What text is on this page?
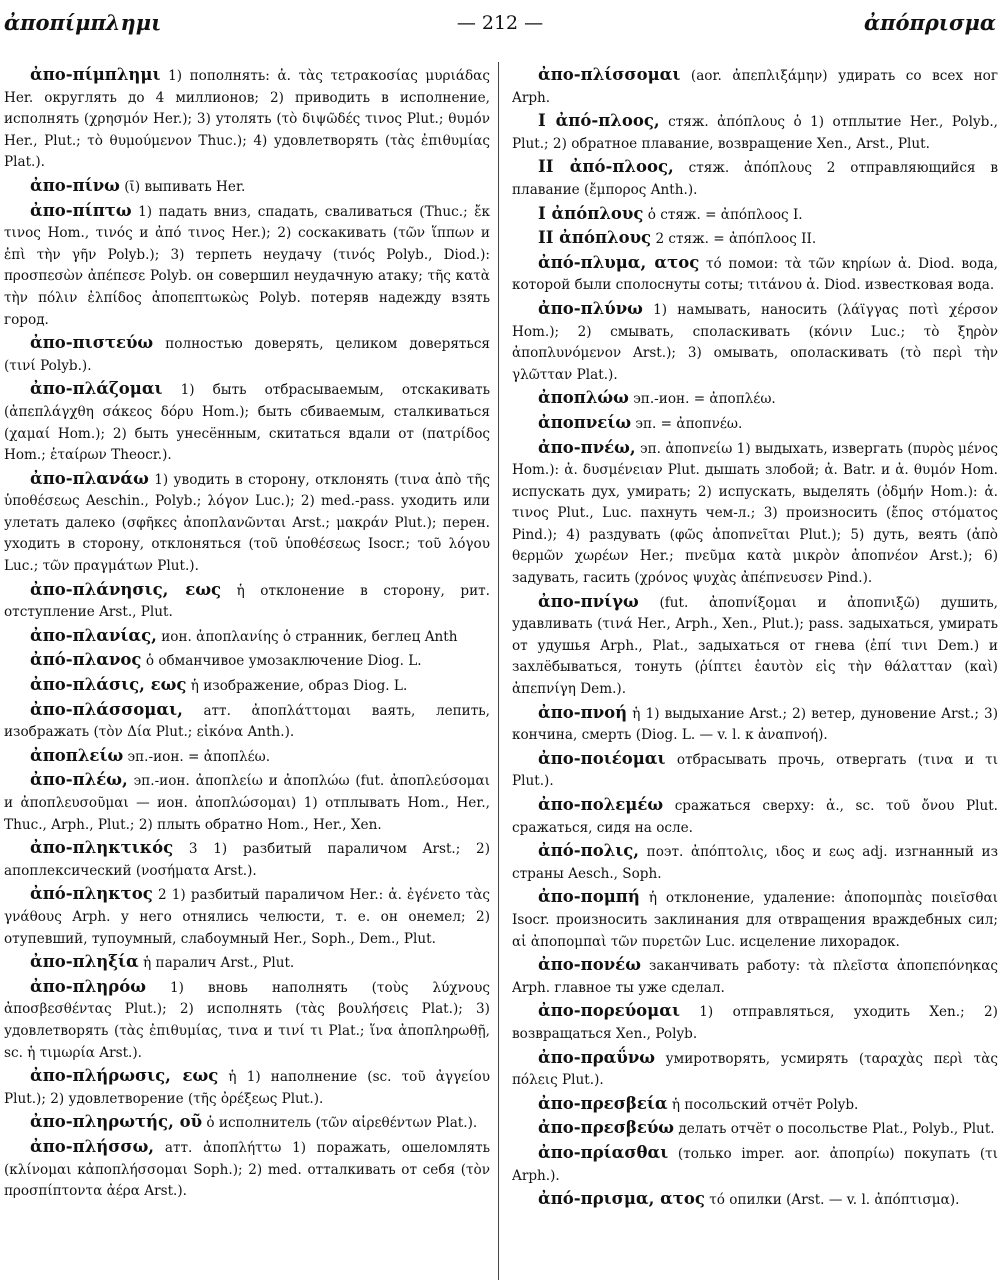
ἀποπίμπλημι	— 212 —	ἀπόπρισμα

ἀπο-πίμπλημι 1) пополнять: ἀ. τὰς τετρακοσίας μυριάδας Her. округлять до 4 миллионов; 2) приводить в исполнение, исполнять (χρησμόν Her.); 3) утолять (τὸ διψῶδές τινος Plut.; θυμόν Her., Plut.; τὸ θυμούμενον Thuc.); 4) удовлетворять (τὰς ἐπιθυμίας Plat.).

ἀπο-πίνω (ῑ) выпивать Her.

ἀπο-πίπτω 1) падать вниз, спадать, сваливаться (Thuc.; ἔκ τινος Hom., τινός и ἀπό τινος Her.); 2) соскакивать (τῶν ἵππων и ἐπὶ τὴν γῆν Polyb.); 3) терпеть неудачу (τινός Polyb., Diod.): προσπεσὼν ἀπέπεσε Polyb. он совершил неудачную атаку; τῆς κατὰ τὴν πόλιν ἐλπίδος ἀποπεπτωκὼς Polyb. потеряв надежду взять город.

ἀπο-πιστεύω полностью доверять, целиком доверяться (τινί Polyb.).

ἀπο-πλάζομαι 1) быть отбрасываемым, отскакивать (ἀπεπλάγχθη σάκεος δόρυ Hom.); быть сбиваемым, сталкиваться (χαμαί Hom.); 2) быть унесённым, скитаться вдали от (πατρίδος Hom.; ἑταίρων Theocr.).

ἀπο-πλανάω 1) уводить в сторону, отклонять (τινα ἀπὸ τῆς ὑποθέσεως Aeschin., Polyb.; λόγον Luc.); 2) med.-pass. уходить или улетать далеко (σφῆκες ἀποπλανῶνται Arst.; μακράν Plut.); перен. уходить в сторону, отклоняться (τοῦ ὑποθέσεως Isocr.; τοῦ λόγου Luc.; τῶν πραγμάτων Plut.).

ἀπο-πλάνησις, εως ἡ отклонение в сторону, рит. отступление Arst., Plut.

ἀπο-πλανίας, ион. ἀποπλανίης ὁ странник, беглец Anth

ἀπό-πλανος ὁ обманчивое умозаключение Diog. L.

ἀπο-πλάσις, εως ἡ изображение, образ Diog. L.

ἀπο-πλάσσομαι, атт. ἀποπλάττομαι ваять, лепить, изображать (τὸν Δία Plut.; εἰκόνα Anth.).

ἀποπλείω эп.-ион. = ἀποπλέω.

ἀπο-πλέω, эп.-ион. ἀποπλείω и ἀποπλώω (fut. ἀποπλεύσομαι и ἀποπλευσοῦμαι — ион. ἀποπλώσομαι) 1) отплывать Hom., Her., Thuc., Arph., Plut.; 2) плыть обратно Hom., Her., Xen.

ἀπο-πληκτικός 3 1) разбитый параличом Arst.; 2) апоплексический (νοσήματα Arst.).

ἀπό-πληκτος 2 1) разбитый параличом Her.: ἀ. ἐγένετο τὰς γνάθους Arph. у него отнялись челюсти, т. е. он онемел; 2) отупевший, тупоумный, слабоумный Her., Soph., Dem., Plut.

ἀπο-πληξία ἡ паралич Arst., Plut.

ἀπο-πληρόω 1) вновь наполнять (τοὺς λύχνους ἀποσβεσθέντας Plut.); 2) исполнять (τὰς βουλήσεις Plat.); 3) удовлетворять (τὰς ἐπιθυμίας, τινα и τινί τι Plat.; ἵνα ἀποπληρωθῇ, sc. ἡ τιμωρία Arst.).

ἀπο-πλήρωσις, εως ἡ 1) наполнение (sc. τοῦ ἀγγείου Plut.); 2) удовлетворение (τῆς ὀρέξεως Plut.).

ἀπο-πληρωτής, οῦ ὁ исполнитель (τῶν αἱρεθέντων Plat.).

ἀπο-πλήσσω, атт. ἀποπλήττω 1) поражать, ошеломлять (κλίνομαι κἀποπλήσσομαι Soph.); 2) med. отталкивать от себя (τὸν προσπίπτοντα ἀέρα Arst.).

ἀπο-πλίσσομαι (aor. ἀπεπλιξάμην) удирать со всех ног Arph.

I ἀπό-πλοος, стяж. ἀπόπλους ὁ 1) отплытие Her., Polyb., Plut.; 2) обратное плавание, возвращение Xen., Arst., Plut.

II ἀπό-πλοος, стяж. ἀπόπλους 2 отправляющийся в плавание (ἔμπορος Anth.).

I ἀπόπλους ὁ стяж. = ἀπόπλοος I.

II ἀπόπλους 2 стяж. = ἀπόπλοος II.

ἀπό-πλυμα, ατος τό помои: τὰ τῶν κηρίων ἀ. Diod. вода, которой были сполоснуты соты; τιτάνου ἀ. Diod. известковая вода.

ἀπο-πλύνω 1) намывать, наносить (λάϊγγας ποτὶ χέρσον Hom.); 2) смывать, споласкивать (κόνιν Luc.; τὸ ξηρὸν ἀποπλυνόμενον Arst.); 3) омывать, ополаскивать (τὸ περὶ τὴν γλῶτταν Plat.).

ἀποπλώω эп.-ион. = ἀποπλέω.

ἀποπνείω эп. = ἀποπνέω.

ἀπο-πνέω, эп. ἀποπνείω 1) выдыхать, извергать (πυρὸς μένος Hom.): ἀ. δυσμένειαν Plut. дышать злобой; ἀ. Batr. и ἀ. θυμόν Hom. испускать дух, умирать; 2) испускать, выделять (ὀδμήν Hom.): ἀ. τινος Plut., Luc. пахнуть чем-л.; 3) произносить (ἔπος στόματος Pind.); 4) раздувать (φῶς ἀποπνεῖται Plut.); 5) дуть, веять (ἀπὸ θερμῶν χωρέων Her.; πνεῦμα κατὰ μικρὸν ἀποπνέον Arst.); 6) задувать, гасить (χρόνος ψυχὰς ἀπέπνευσεν Pind.).

ἀπο-πνίγω (fut. ἀποπνίξομαι и ἀποπνιξῶ) душить, удавливать (τινά Her., Arph., Xen., Plut.); pass. задыхаться, умирать от удушья Arph., Plat., задыхаться от гнева (ἐπί τινι Dem.) и захлёбываться, тонуть (ῥίπτει ἑαυτὸν εἰς τὴν θάλατταν (καὶ) ἀπεπνίγη Dem.).

ἀπο-πνοή ἡ 1) выдыхание Arst.; 2) ветер, дуновение Arst.; 3) кончина, смерть (Diog. L. — v. l. к ἀναπνοή).

ἀπο-ποιέομαι отбрасывать прочь, отвергать (τινα и τι Plut.).

ἀπο-πολεμέω сражаться сверху: ἀ., sc. τοῦ ὄνου Plut. сражаться, сидя на осле.

ἀπό-πολις, поэт. ἀπόπτολις, ιδος и εως adj. изгнанный из страны Aesch., Soph.

ἀπο-πομπή ἡ отклонение, удаление: ἀποπομπὰς ποιεῖσθαι Isocr. произносить заклинания для отвращения враждебных сил; αἱ ἀποπομπαὶ τῶν πυρετῶν Luc. исцеление лихорадок.

ἀπο-πονέω заканчивать работу: τὰ πλεῖστα ἀποπεπόνηκας Arph. главное ты уже сделал.

ἀπο-πορεύομαι 1) отправляться, уходить Xen.; 2) возвращаться Xen., Polyb.

ἀπο-πραΰνω умиротворять, усмирять (ταραχὰς περὶ τὰς πόλεις Plut.).

ἀπο-πρεσβεία ἡ посольский отчёт Polyb.

ἀπο-πρεσβεύω делать отчёт о посольстве Plat., Polyb., Plut.

ἀπο-πρίασθαι (только imper. aor. ἀποπρίω) покупать (τι Arph.).

ἀπό-πρισμα, ατος τό опилки (Arst. — v. l. ἀπόπτισμα).
